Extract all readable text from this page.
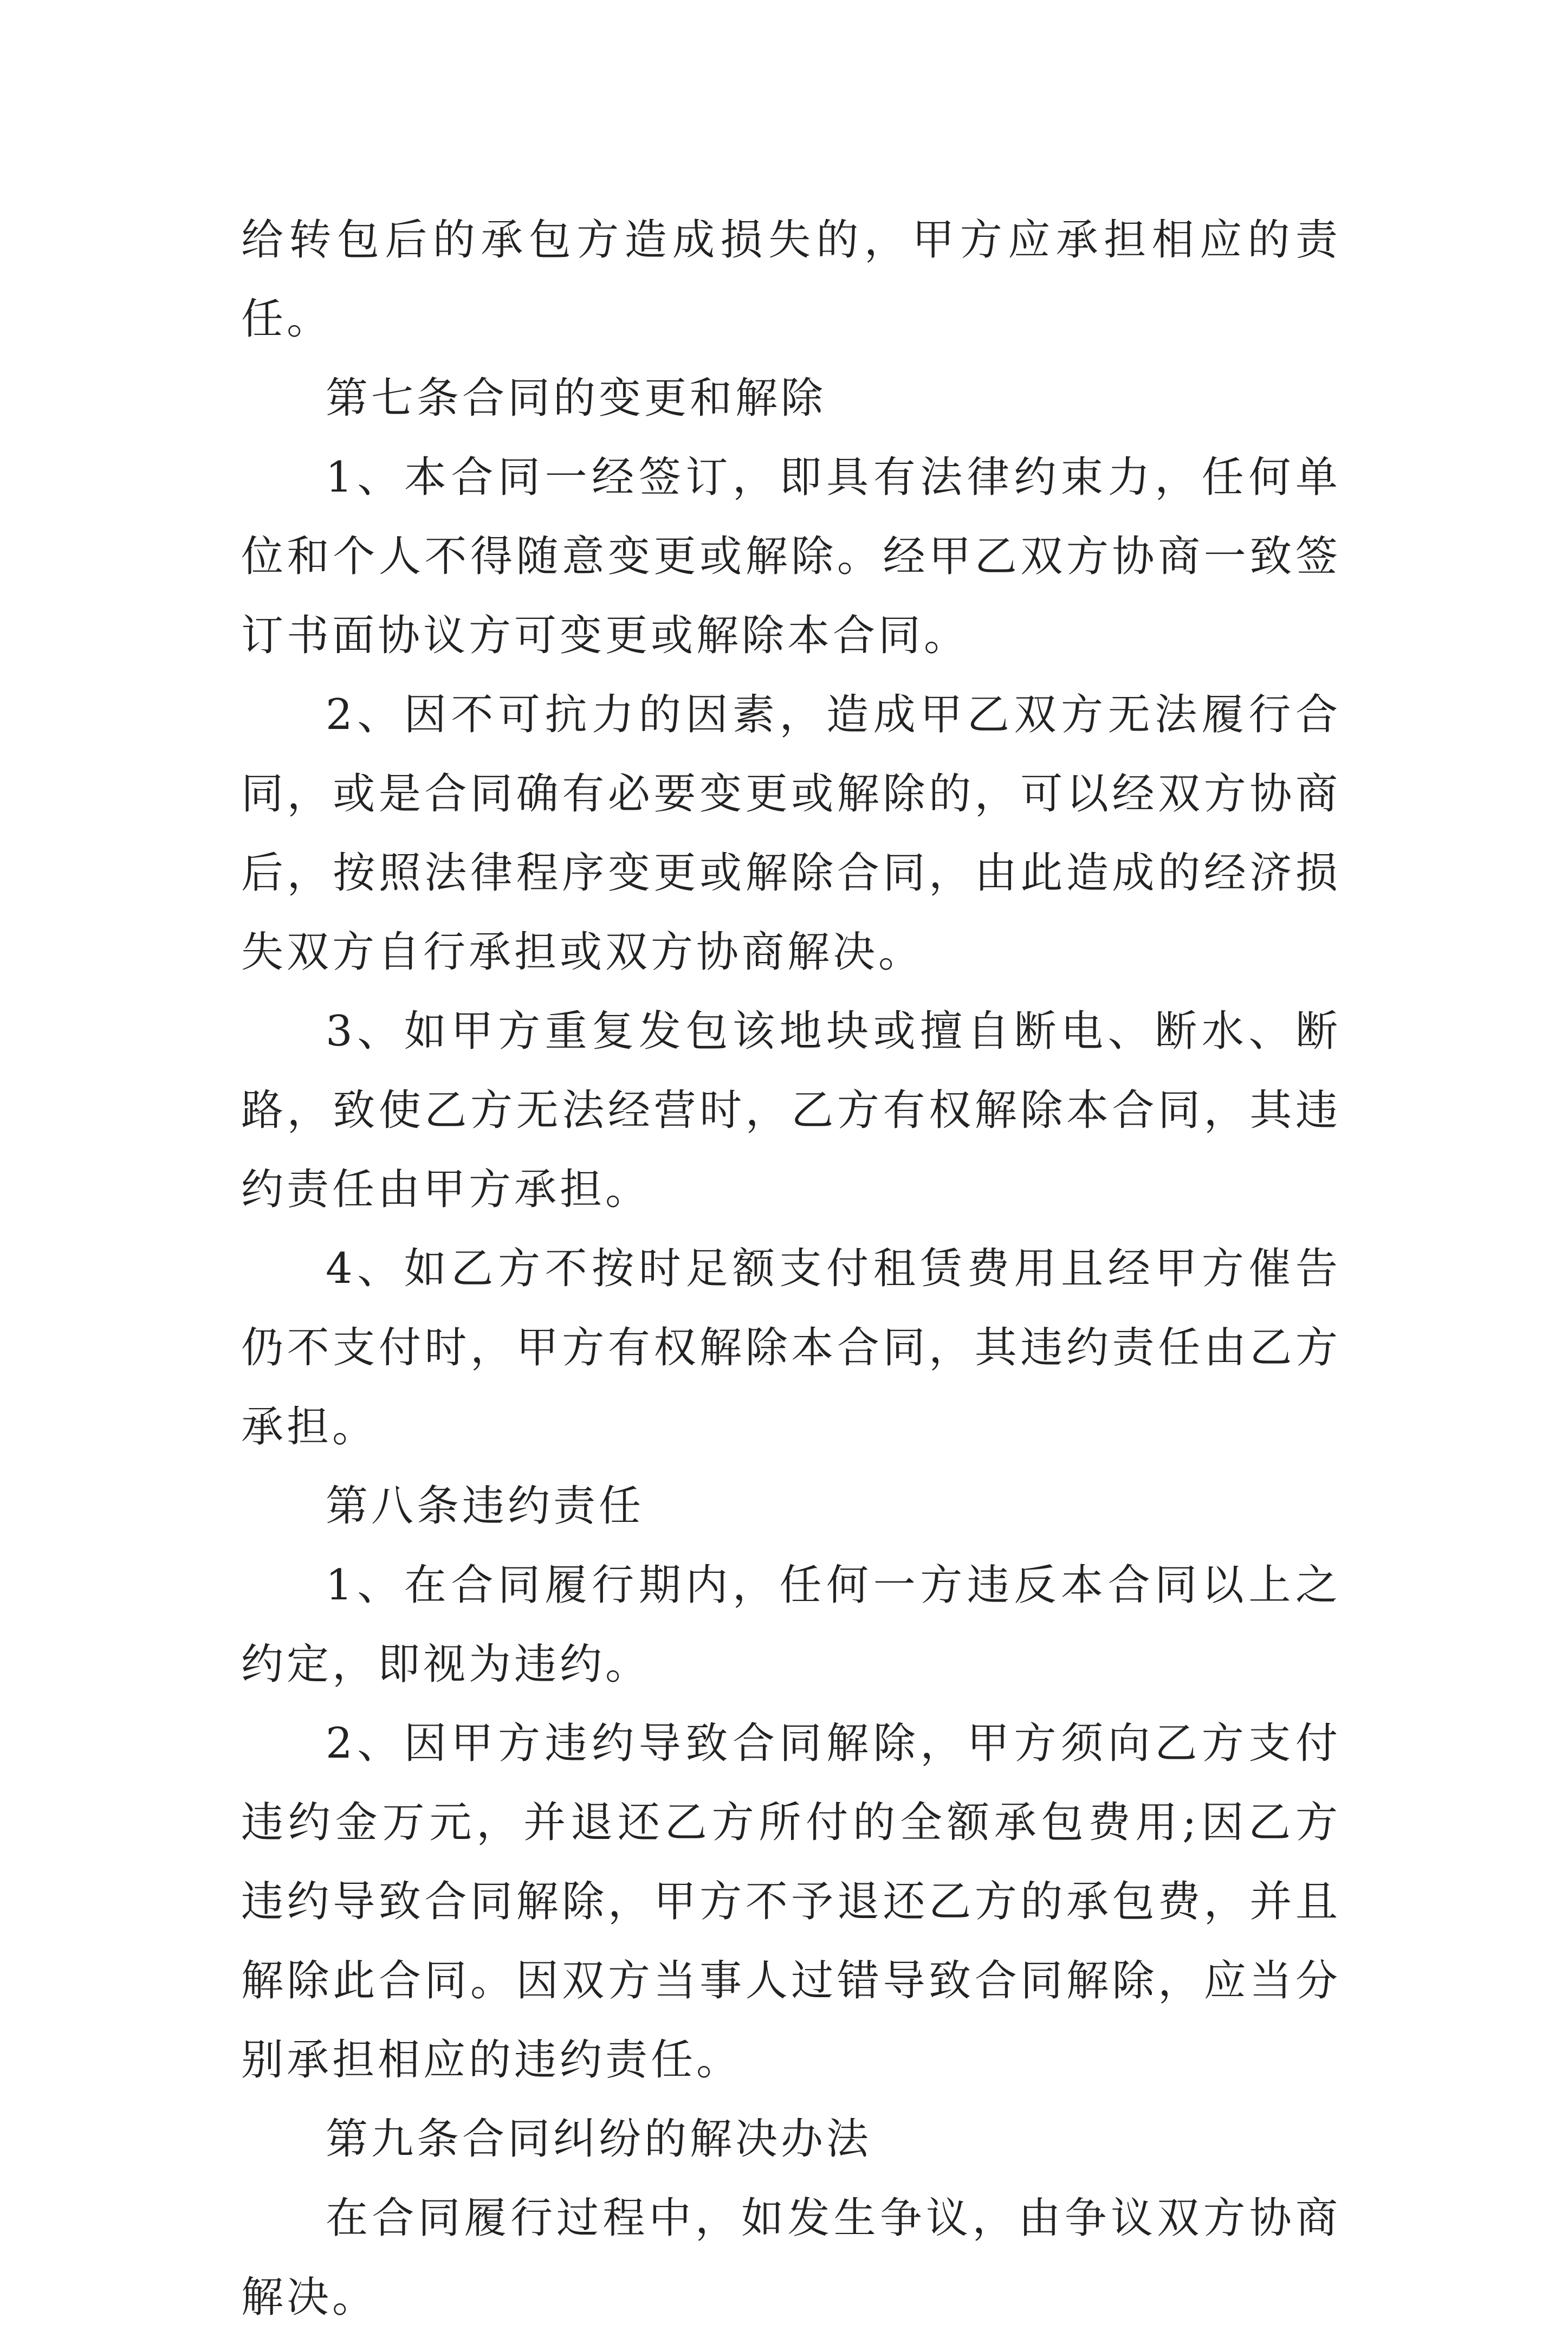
给转包后的承包方造成损失的，甲方应承担相应的责任。

第七条合同的变更和解除

1、本合同一经签订，即具有法律约束力，任何单位和个人不得随意变更或解除。经甲乙双方协商一致签订书面协议方可变更或解除本合同。

2、因不可抗力的因素，造成甲乙双方无法履行合同，或是合同确有必要变更或解除的，可以经双方协商后，按照法律程序变更或解除合同，由此造成的经济损失双方自行承担或双方协商解决。

3、如甲方重复发包该地块或擅自断电、断水、断路，致使乙方无法经营时，乙方有权解除本合同，其违约责任由甲方承担。

4、如乙方不按时足额支付租赁费用且经甲方催告仍不支付时，甲方有权解除本合同，其违约责任由乙方承担。

第八条违约责任

1、在合同履行期内，任何一方违反本合同以上之约定，即视为违约。

2、因甲方违约导致合同解除，甲方须向乙方支付违约金万元，并退还乙方所付的全额承包费用;因乙方违约导致合同解除，甲方不予退还乙方的承包费，并且解除此合同。因双方当事人过错导致合同解除，应当分别承担相应的违约责任。

第九条合同纠纷的解决办法

在合同履行过程中，如发生争议，由争议双方协商解决。
